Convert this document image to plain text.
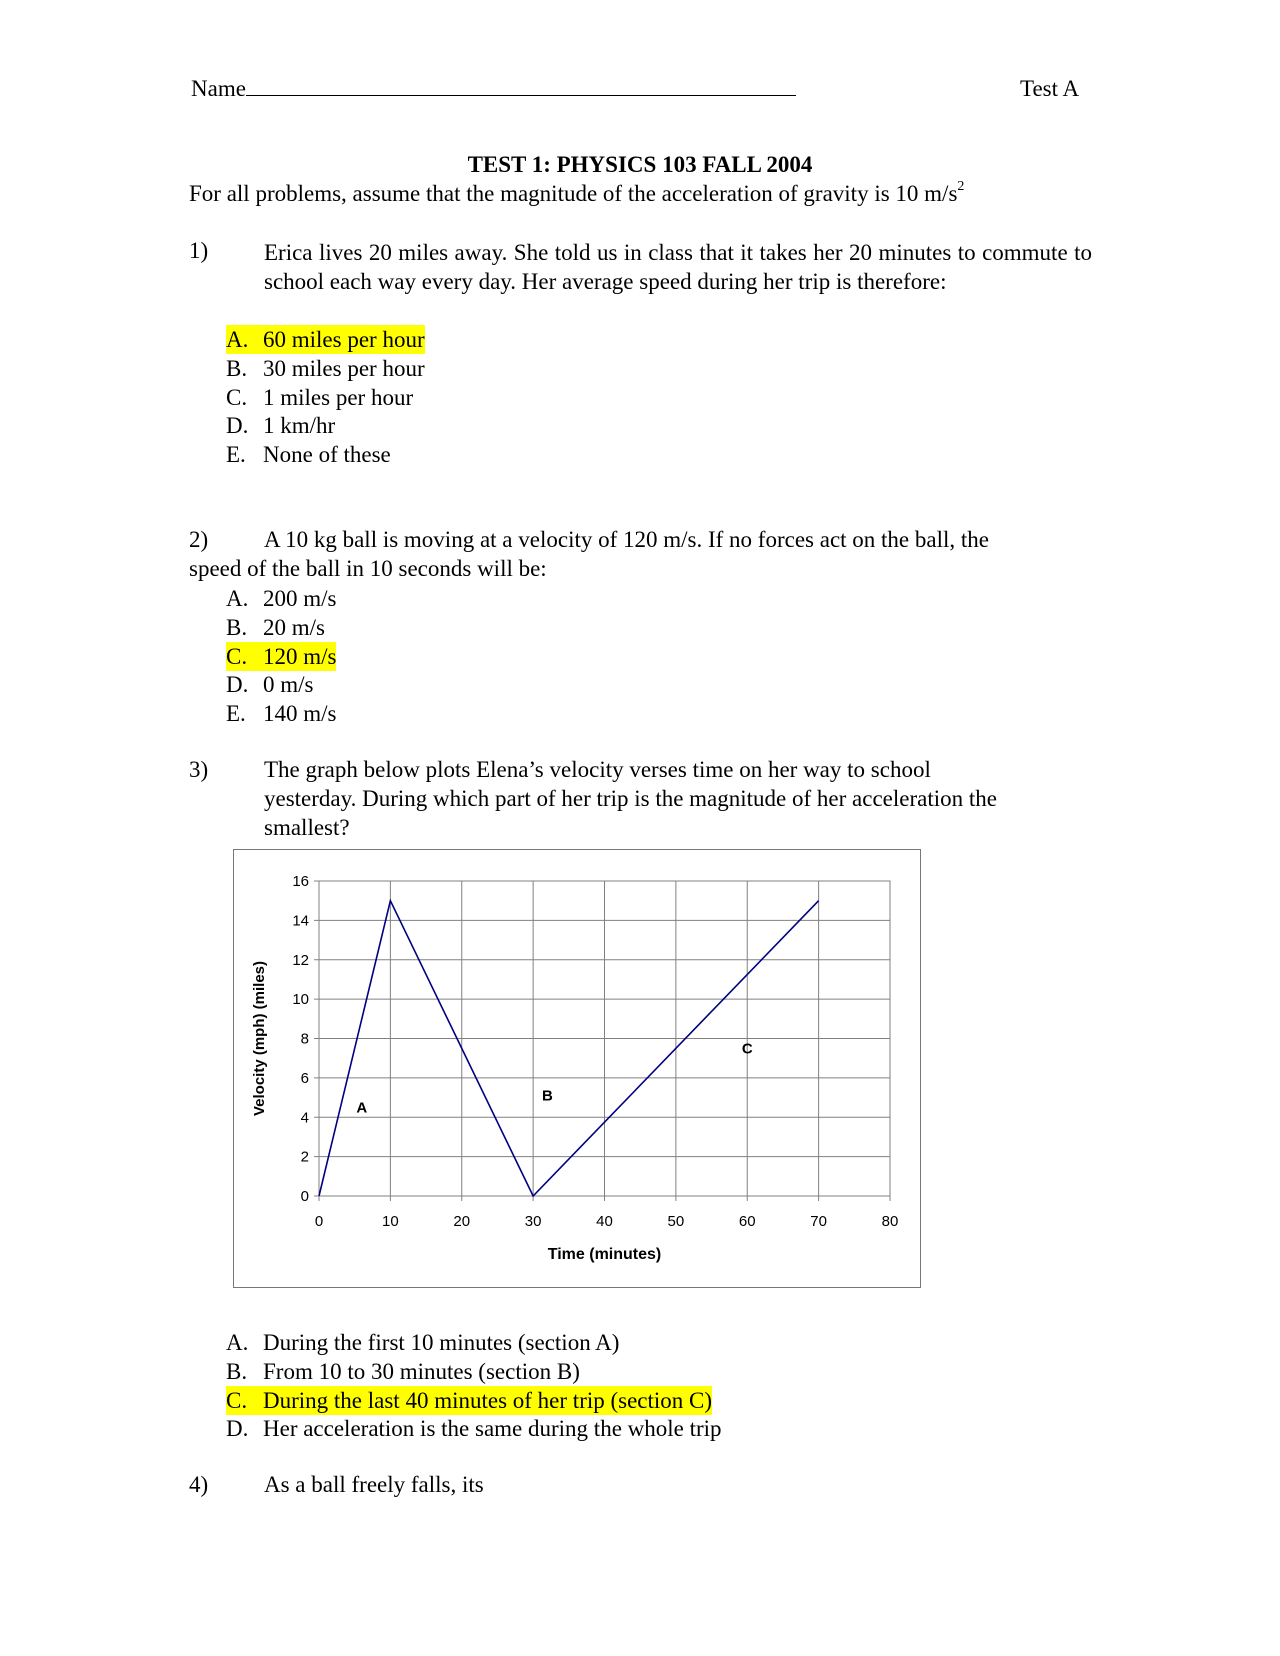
Name	Test A
TEST 1: PHYSICS 103 FALL 2004
For all problems, assume that the magnitude of the acceleration of gravity is 10 $m/s^2$
1) Erica lives 20 miles away. She told us in class that it takes her 20 minutes to commute to school each way every day. Her average speed during her trip is therefore:
A. 60 miles per hour
B. 30 miles per hour
C. 1 miles per hour
D. 1 km/hr
E. None of these
2) A 10 kg ball is moving at a velocity of 120 m/s. If no forces act on the ball, the
speed of the ball in 10 seconds will be:
A. 200 m/s
B. 20 m/s
C. 120 m/s
D. 0 m/s
E. 140 m/s
3) The graph below plots Elena’s velocity verses time on her way to school
yesterday. During which part of her trip is the magnitude of her acceleration the
smallest?
0
2
4
6
8
10
12
14
16
0	10	20	30	40	50	60	70	80
A
B
C
Time (minutes)
Velocity (mph) (miles)
A. During the first 10 minutes (section A)
B. From 10 to 30 minutes (section B)
C. During the last 40 minutes of her trip (section C)
D. Her acceleration is the same during the whole trip
4) As a ball freely falls, its
